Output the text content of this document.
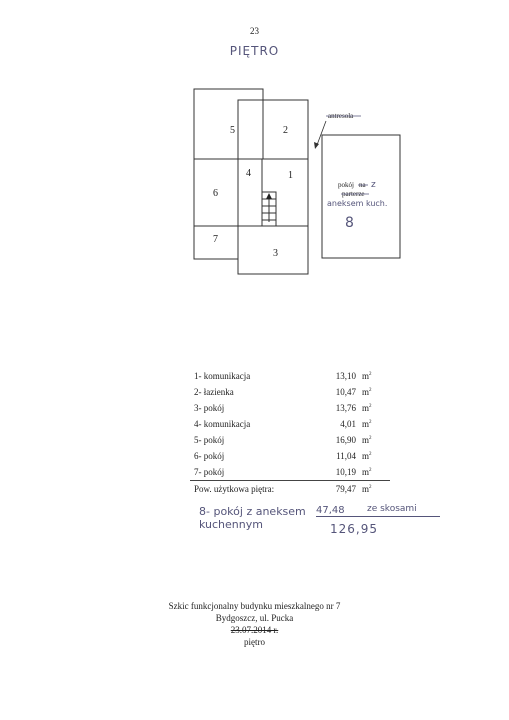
23
PIĘTRO
antresola
5	2
4	1
6
7
3
pokój na z
parterze
aneksem kuch.
8
1- komunikacja	13,10	$m^2$
2- łazienka	10,47	$m^2$
3- pokój	13,76	$m^2$
4- komunikacja	4,01	$m^2$
5- pokój	16,90	$m^2$
6- pokój	11,04	$m^2$
7- pokój	10,19	$m^2$
Pow. użytkowa piętra:	79,47	$m^2$
8- pokój z aneksem kuchennym
47,48 ze skosami
126,95
Szkic funkcjonalny budynku mieszkalnego nr 7
Bydgoszcz, ul. Pucka
23.07.2014 r.
piętro
